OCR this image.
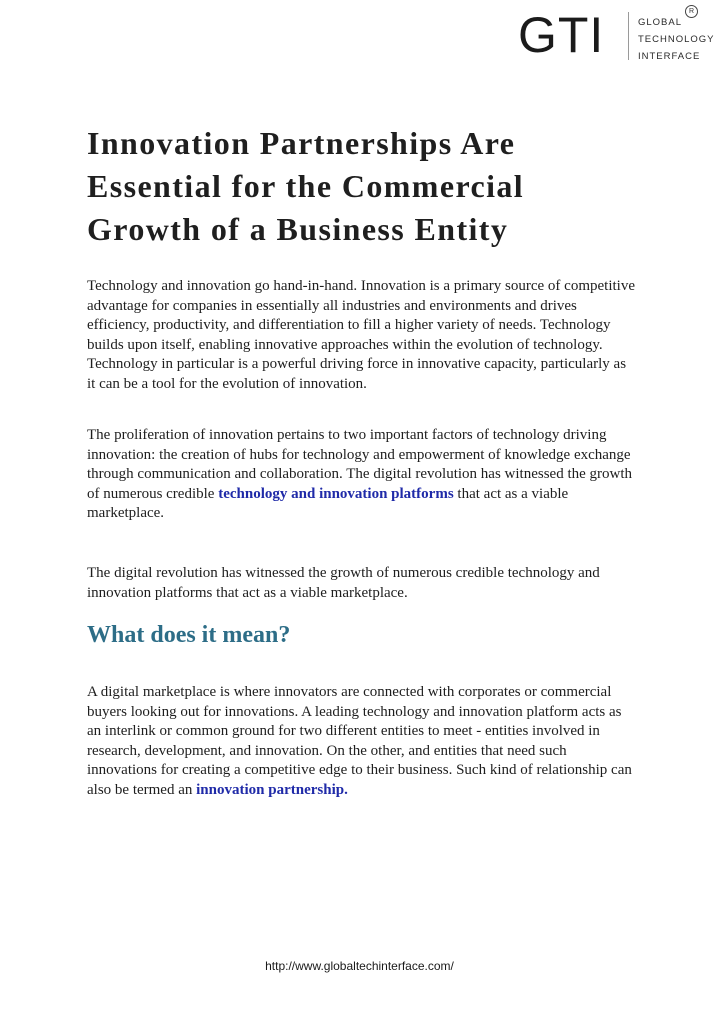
GTI	GLOBAL
TECHNOLOGY
INTERFACE
R
Innovation Partnerships Are Essential for the Commercial Growth of a Business Entity

Technology and innovation go hand-in-hand. Innovation is a primary source of competitive advantage for companies in essentially all industries and environments and drives efficiency, productivity, and differentiation to fill a higher variety of needs. Technology builds upon itself, enabling innovative approaches within the evolution of technology. Technology in particular is a powerful driving force in innovative capacity, particularly as it can be a tool for the evolution of innovation.

The proliferation of innovation pertains to two important factors of technology driving innovation: the creation of hubs for technology and empowerment of knowledge exchange through communication and collaboration. The digital revolution has witnessed the growth of numerous credible technology and innovation platforms that act as a viable marketplace.

The digital revolution has witnessed the growth of numerous credible technology and innovation platforms that act as a viable marketplace.

What does it mean?

A digital marketplace is where innovators are connected with corporates or commercial buyers looking out for innovations. A leading technology and innovation platform acts as an interlink or common ground for two different entities to meet - entities involved in research, development, and innovation. On the other, and entities that need such innovations for creating a competitive edge to their business. Such kind of relationship can also be termed an innovation partnership.

http://www.globaltechinterface.com/
